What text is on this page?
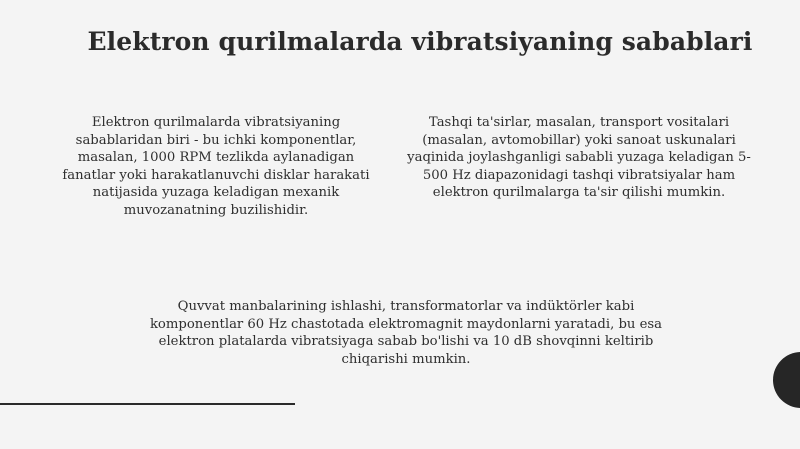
Elektron qurilmalarda vibratsiyaning sabablari

Elektron qurilmalarda vibratsiyaning sabablaridan biri - bu ichki komponentlar, masalan, 1000 RPM tezlikda aylanadigan fanatlar yoki harakatlanuvchi disklar harakati natijasida yuzaga keladigan mexanik muvozanatning buzilishidir.

Tashqi ta'sirlar, masalan, transport vositalari (masalan, avtomobillar) yoki sanoat uskunalari yaqinida joylashganligi sababli yuzaga keladigan 5-500 Hz diapazonidagi tashqi vibratsiyalar ham elektron qurilmalarga ta'sir qilishi mumkin.

Quvvat manbalarining ishlashi, transformatorlar va indüktörler kabi komponentlar 60 Hz chastotada elektromagnit maydonlarni yaratadi, bu esa elektron platalarda vibratsiyaga sabab bo'lishi va 10 dB shovqinni keltirib chiqarishi mumkin.
